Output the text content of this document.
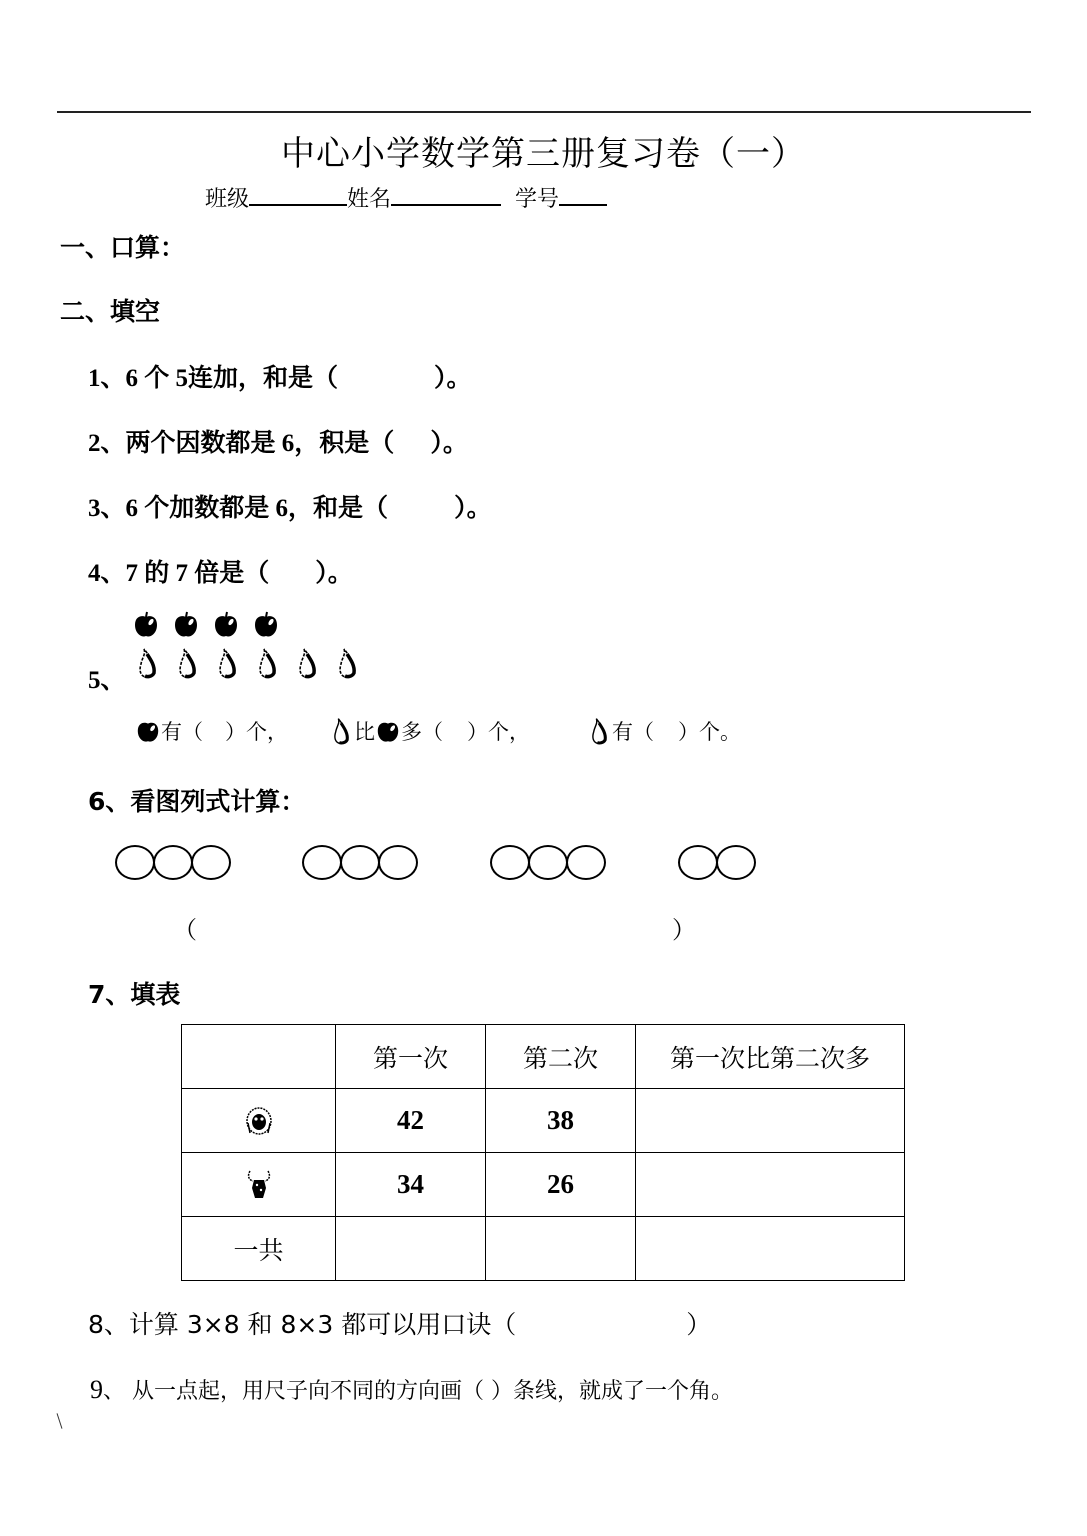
中心小学数学第三册复习卷（一）
班级	姓名	学号
一、口算：
二、填空
1、6 个 5连加，和是（	）。
2、两个因数都是 6，积是（ ）。
3、6 个加数都是 6，和是（	）。
4、7 的 7 倍是（ ）。
5、
有（ ）个，	比 多（ ）个，	有（ ）个。
6、看图列式计算：
（	）
7、填表
	第一次	第二次	第一次比第二次多

	42	38	

	34	26	
一共			
8、计算 3×8 和 8×3 都可以用口诀（	）
9、 从一点起，用尺子向不同的方向画（ ）条线，就成了一个角。
